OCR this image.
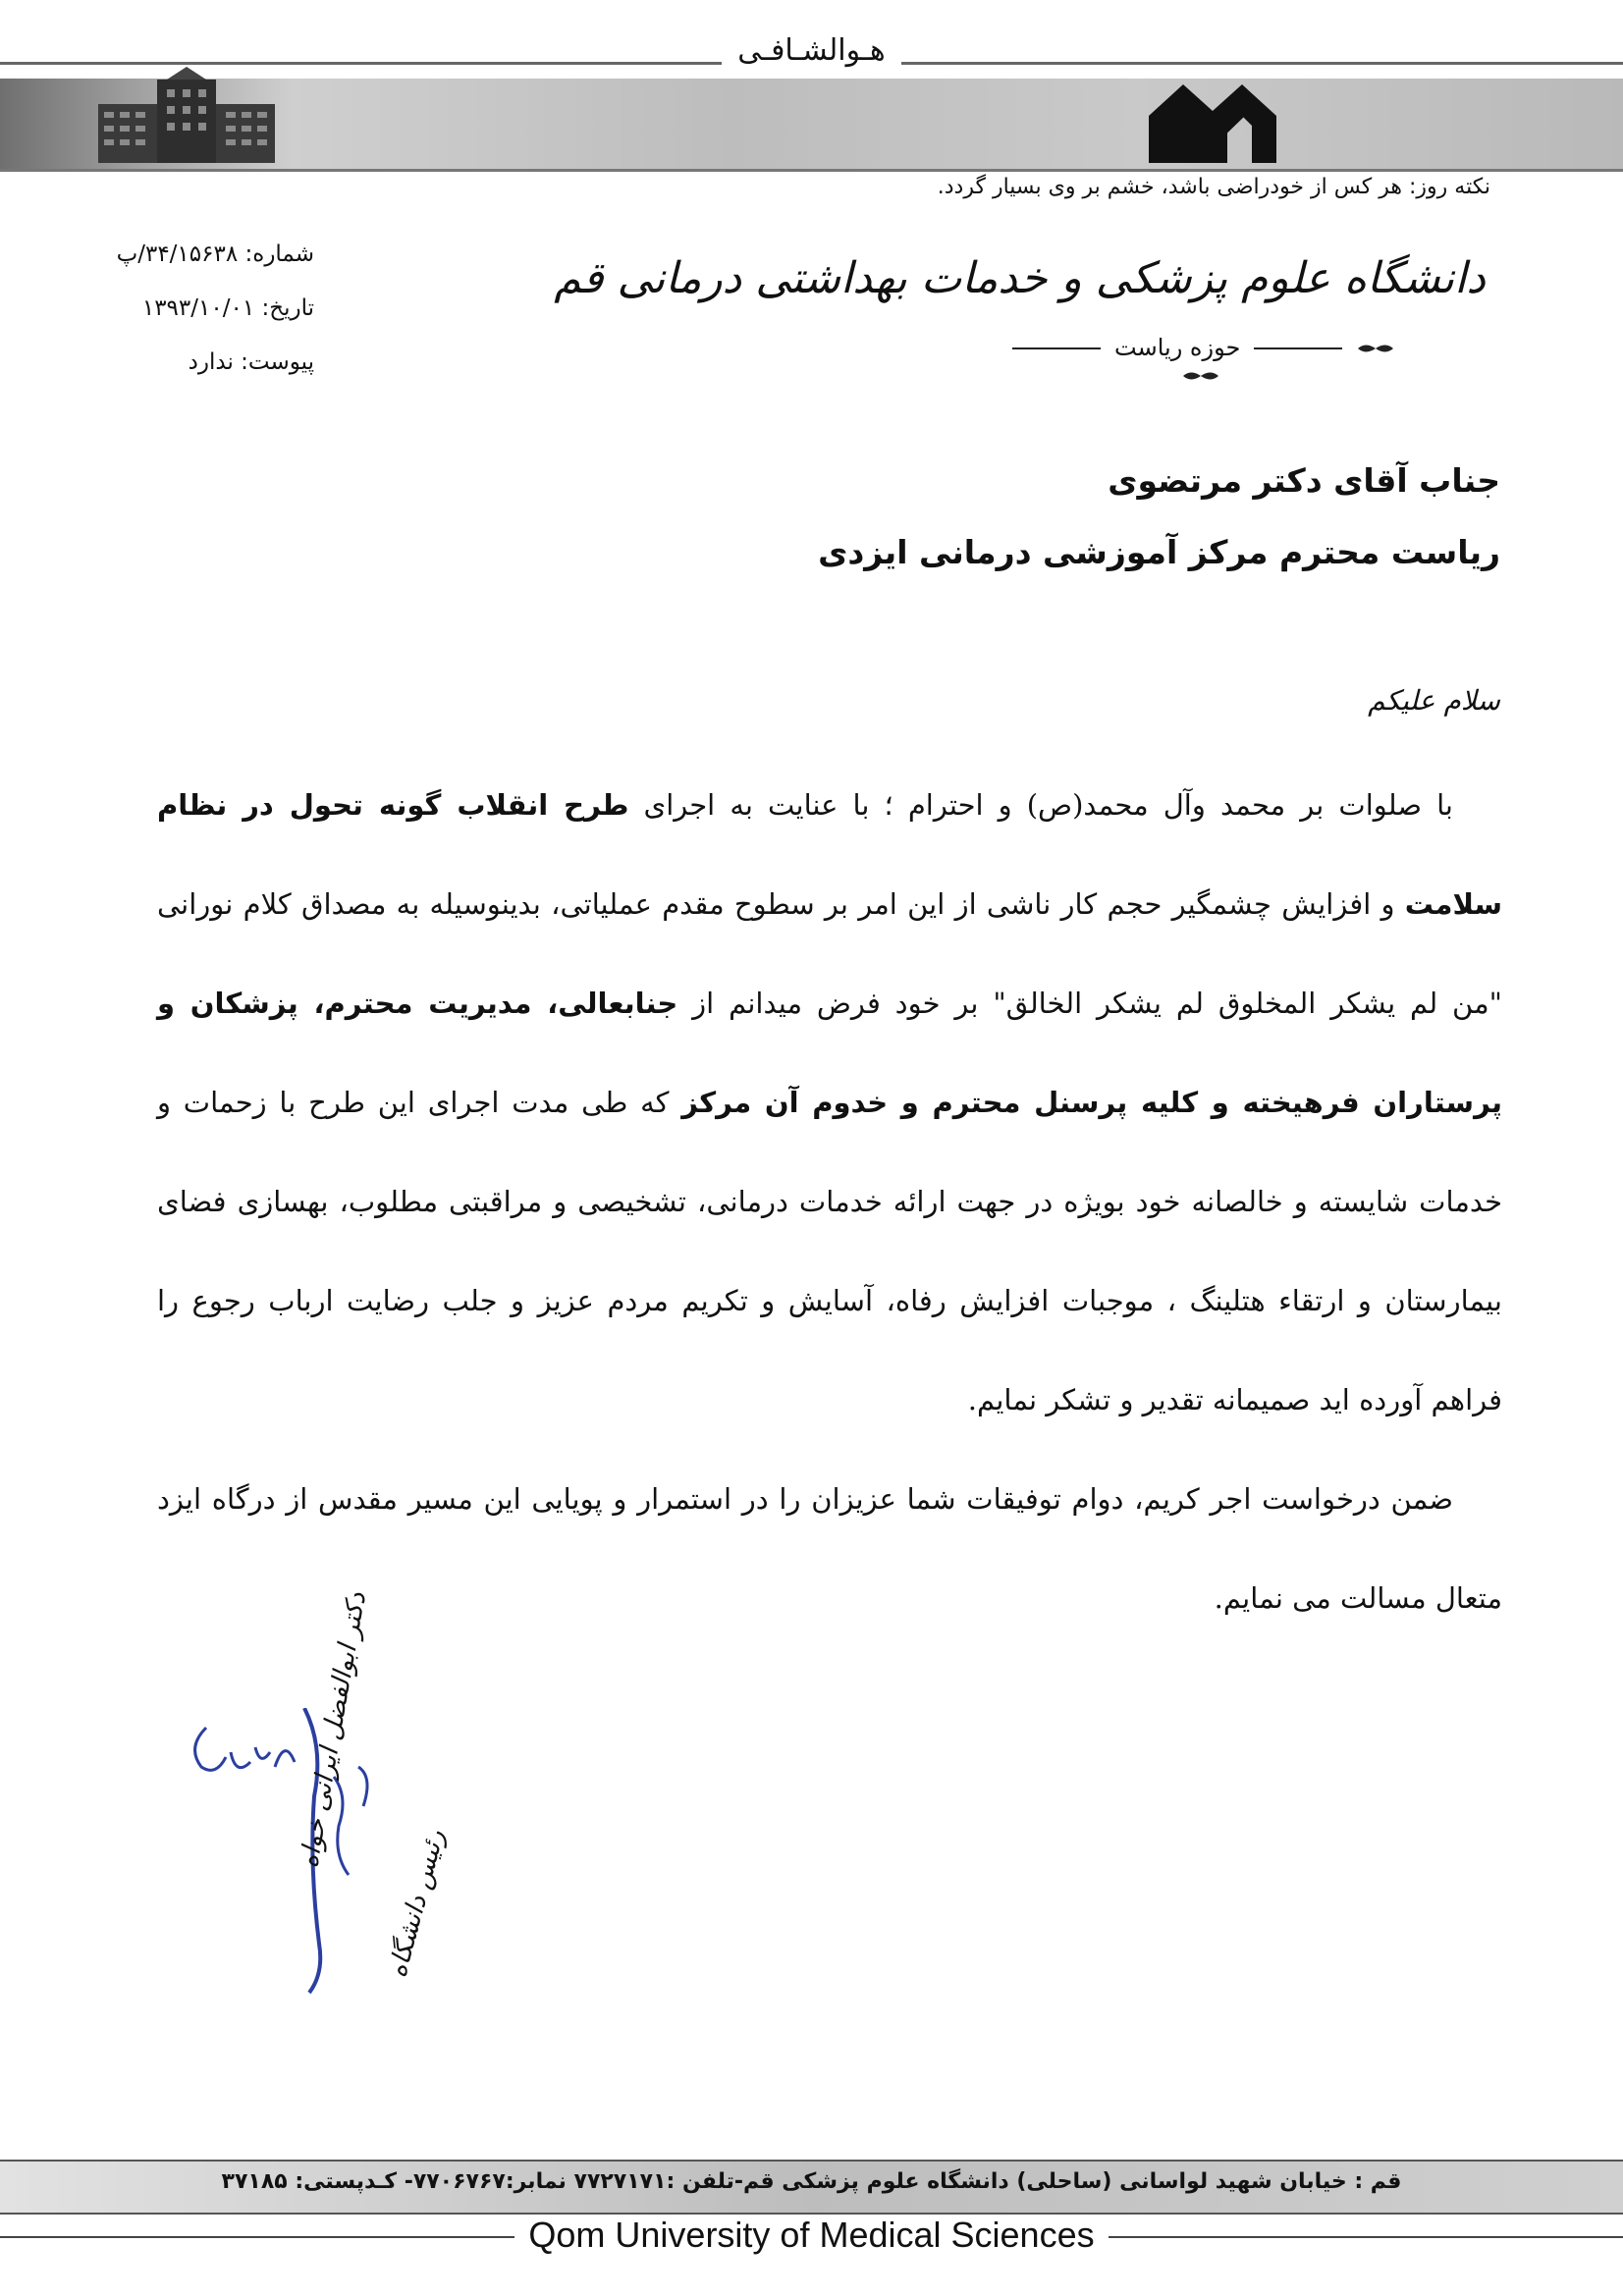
هـوالشـافـی
نکته روز: هر کس از خودراضی باشد، خشم بر وی بسیار گردد.
شماره: ۳۴/۱۵۶۳۸/پ
تاریخ: ۱۳۹۳/۱۰/۰۱
پیوست: ندارد
دانشگاه علوم پزشکی و خدمات بهداشتی درمانی قم
حوزه ریاست
جناب آقای دکتر مرتضوی
ریاست محترم مرکز آموزشی درمانی ایزدی
سلام علیکم

با صلوات بر محمد وآل محمد(ص) و احترام ؛ با عنایت به اجرای طرح انقلاب گونه تحول در نظام سلامت و افزایش چشمگیر حجم کار ناشی از این امر بر سطوح مقدم عملیاتی، بدینوسیله به مصداق کلام نورانی "من لم یشکر المخلوق لم یشکر الخالق" بر خود فرض میدانم از جنابعالی، مدیریت محترم، پزشکان و پرستاران فرهیخته و کلیه پرسنل محترم و خدوم آن مرکز که طی مدت اجرای این طرح با زحمات و خدمات شایسته و خالصانه خود بویژه در جهت ارائه خدمات درمانی، تشخیصی و مراقبتی مطلوب، بهسازی فضای بیمارستان و ارتقاء هتلینگ ، موجبات افزایش رفاه، آسایش و تکریم مردم عزیز و جلب رضایت ارباب رجوع را فراهم آورده اید صمیمانه تقدیر و تشکر نمایم.

ضمن درخواست اجر کریم، دوام توفیقات شما عزیزان را در استمرار و پویایی این مسیر مقدس از درگاه ایزد متعال مسالت می نمایم.

دکتر ابوالفضل ایرانی خواه
رئیس دانشگاه
قم : خیابان شهید لواسانی (ساحلی) دانشگاه علوم پزشکی قم-تلفن :۷۷۲۷۱۷۱ نمابر:۷۷۰۶۷۶۷- کـدپستی: ۳۷۱۸۵
Qom University of Medical Sciences
